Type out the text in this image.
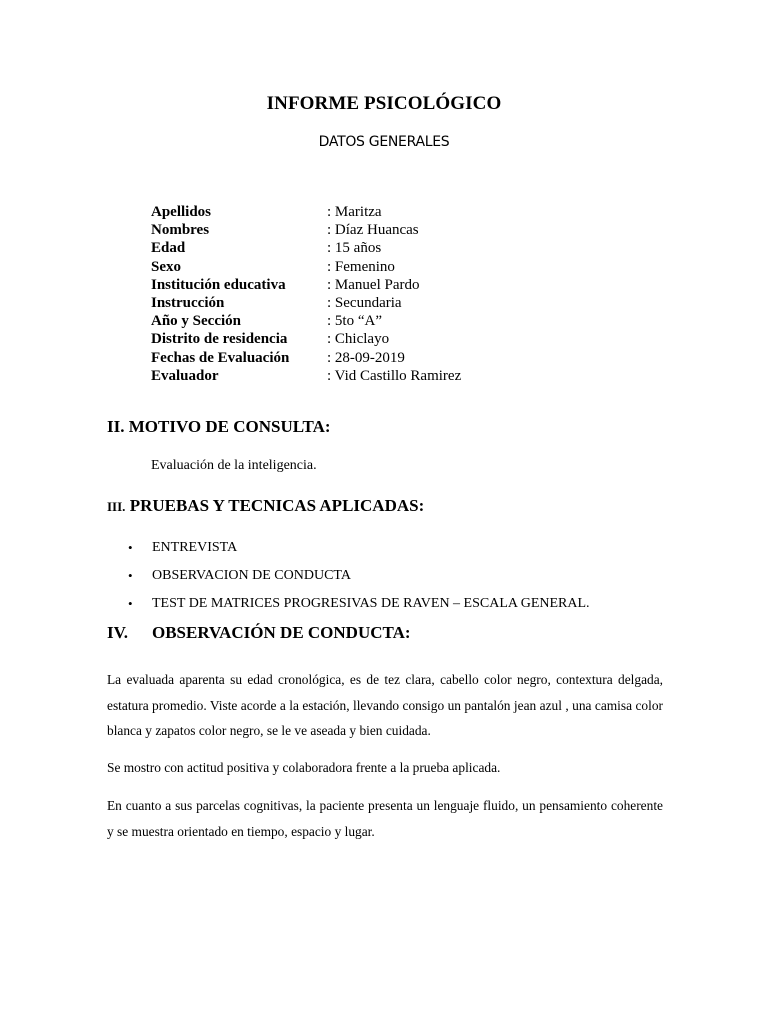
INFORME PSICOLÓGICO
DATOS GENERALES
Apellidos	: Maritza
Nombres	: Díaz Huancas
Edad	: 15 años
Sexo	: Femenino
Institución educativa	: Manuel Pardo
Instrucción	: Secundaria
Año y Sección	: 5to “A”
Distrito de residencia	: Chiclayo
Fechas de Evaluación	: 28-09-2019
Evaluador	: Vid Castillo Ramirez
II. MOTIVO DE CONSULTA:
Evaluación de la inteligencia.
III. PRUEBAS Y TECNICAS APLICADAS:
•	ENTREVISTA
•	OBSERVACION DE CONDUCTA
•	TEST DE MATRICES PROGRESIVAS DE RAVEN – ESCALA GENERAL.
IV. OBSERVACIÓN DE CONDUCTA:

La evaluada aparenta su edad cronológica, es de tez clara, cabello color negro, contextura delgada, estatura promedio. Viste acorde a la estación, llevando consigo un pantalón jean azul , una camisa color blanca y zapatos color negro, se le ve aseada y bien cuidada.

Se mostro con actitud positiva y colaboradora frente a la prueba aplicada.

En cuanto a sus parcelas cognitivas, la paciente presenta un lenguaje fluido, un pensamiento coherente y se muestra orientado en tiempo, espacio y lugar.
